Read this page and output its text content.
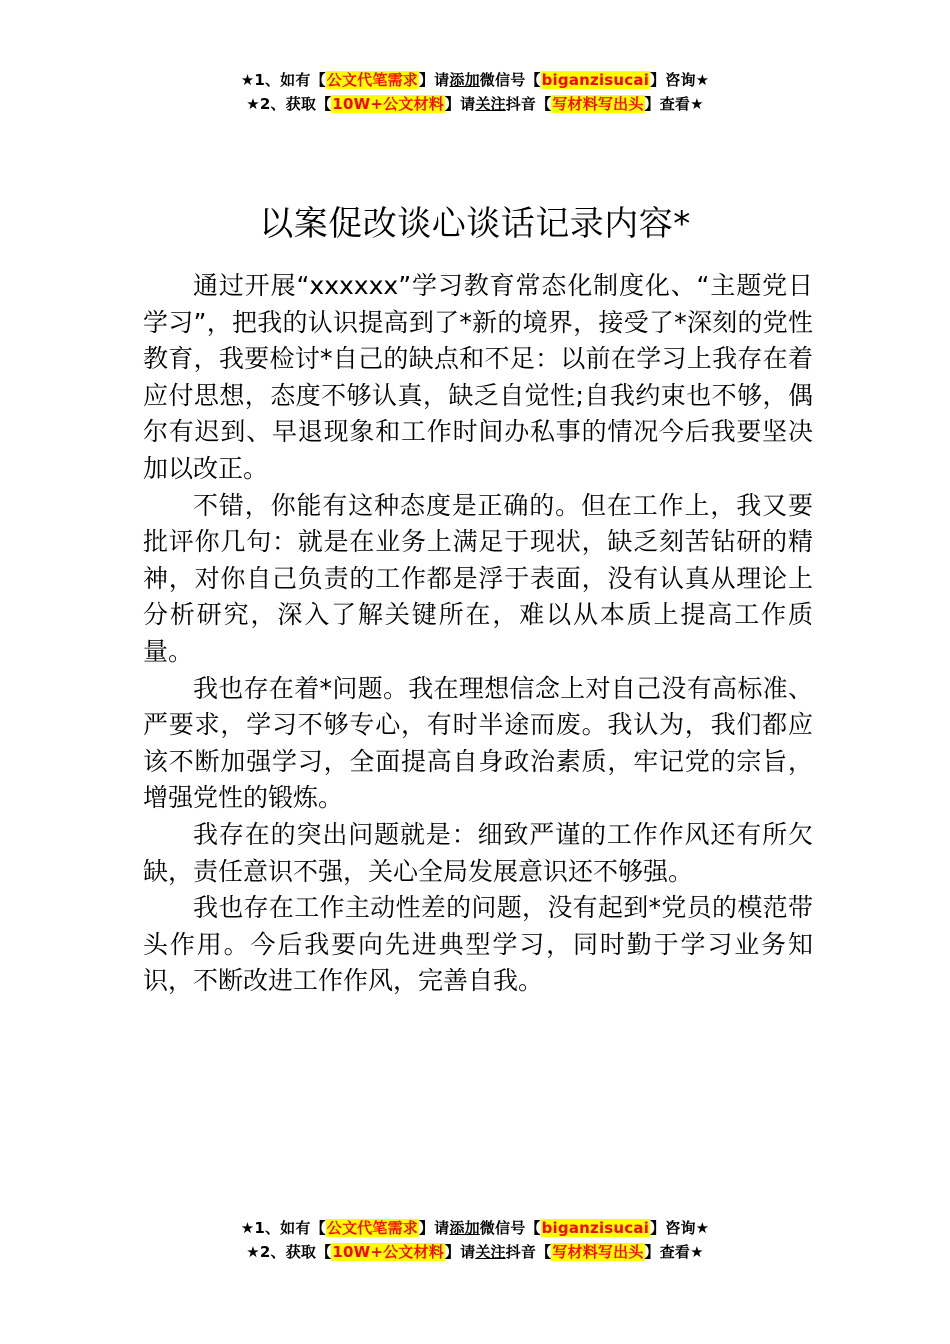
★1、如有【公文代笔需求】请添加微信号【biganzisucai】咨询★
★2、获取【10W+公文材料】请关注抖音【写材料写出头】查看★
以案促改谈心谈话记录内容*

通过开展“xxxxxx”学习教育常态化制度化、“主题党日学习”，把我的认识提高到了*新的境界，接受了*深刻的党性教育，我要检讨*自己的缺点和不足：以前在学习上我存在着应付思想，态度不够认真，缺乏自觉性;自我约束也不够，偶尔有迟到、早退现象和工作时间办私事的情况今后我要坚决加以改正。

不错，你能有这种态度是正确的。但在工作上，我又要批评你几句：就是在业务上满足于现状，缺乏刻苦钻研的精神，对你自己负责的工作都是浮于表面，没有认真从理论上分析研究，深入了解关键所在，难以从本质上提高工作质量。

我也存在着*问题。我在理想信念上对自己没有高标准、严要求，学习不够专心，有时半途而废。我认为，我们都应该不断加强学习，全面提高自身政治素质，牢记党的宗旨，增强党性的锻炼。

我存在的突出问题就是：细致严谨的工作作风还有所欠缺，责任意识不强，关心全局发展意识还不够强。

我也存在工作主动性差的问题，没有起到*党员的模范带头作用。今后我要向先进典型学习，同时勤于学习业务知识，不断改进工作作风，完善自我。

★1、如有【公文代笔需求】请添加微信号【biganzisucai】咨询★
★2、获取【10W+公文材料】请关注抖音【写材料写出头】查看★
